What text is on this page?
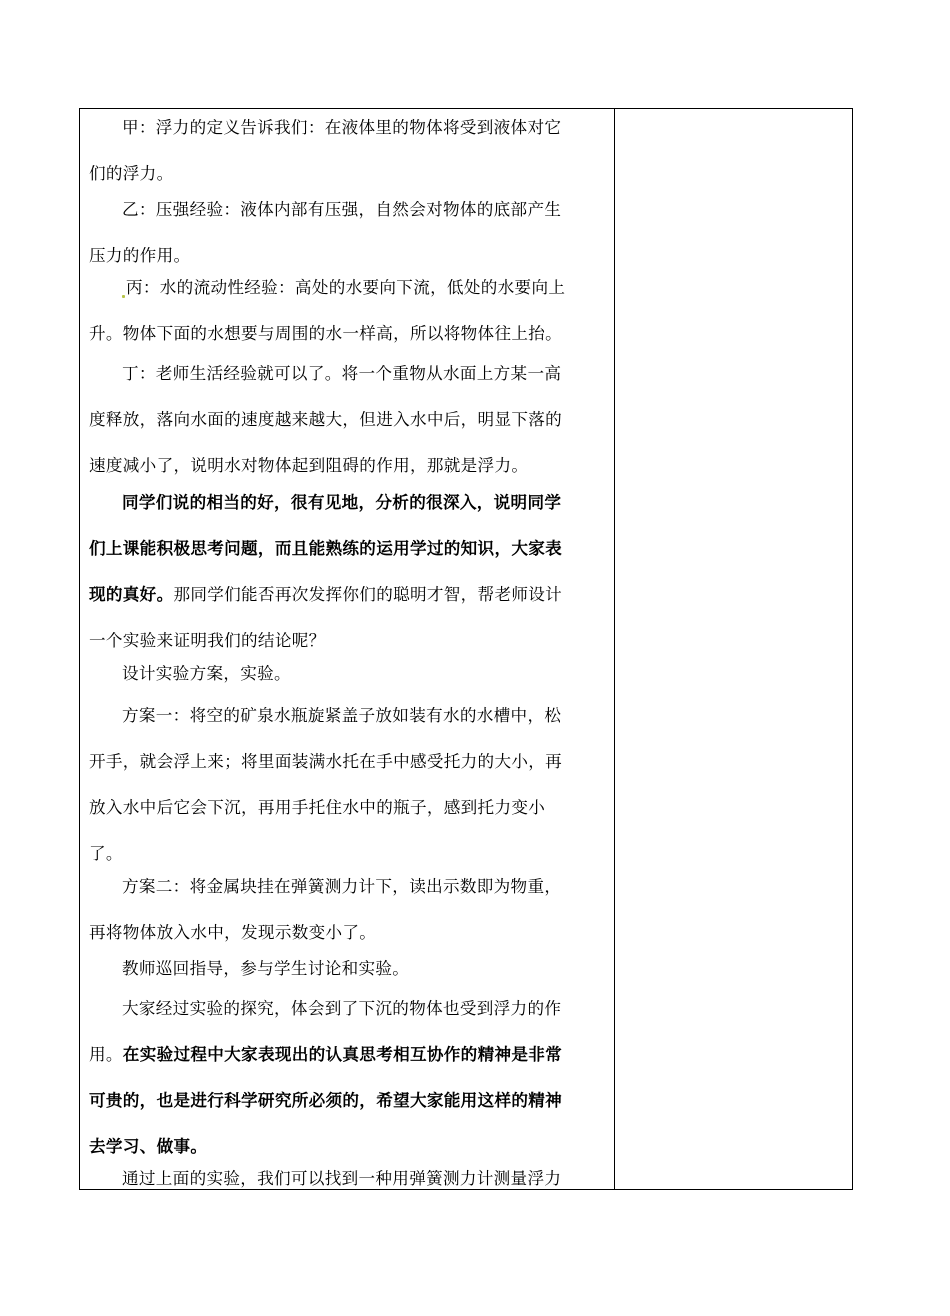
甲：浮力的定义告诉我们：在液体里的物体将受到液体对它
们的浮力。

乙：压强经验：液体内部有压强，自然会对物体的底部产生
压力的作用。

丙：水的流动性经验：高处的水要向下流，低处的水要向上
升。物体下面的水想要与周围的水一样高，所以将物体往上抬。

丁：老师生活经验就可以了。将一个重物从水面上方某一高
度释放，落向水面的速度越来越大，但进入水中后，明显下落的
速度减小了，说明水对物体起到阻碍的作用，那就是浮力。

同学们说的相当的好，很有见地，分析的很深入，说明同学
们上课能积极思考问题，而且能熟练的运用学过的知识，大家表
现的真好。那同学们能否再次发挥你们的聪明才智，帮老师设计
一个实验来证明我们的结论呢？

设计实验方案，实验。

方案一：将空的矿泉水瓶旋紧盖子放如装有水的水槽中，松
开手，就会浮上来；将里面装满水托在手中感受托力的大小，再
放入水中后它会下沉，再用手托住水中的瓶子，感到托力变小
了。

方案二：将金属块挂在弹簧测力计下，读出示数即为物重，
再将物体放入水中，发现示数变小了。

教师巡回指导，参与学生讨论和实验。

大家经过实验的探究，体会到了下沉的物体也受到浮力的作
用。在实验过程中大家表现出的认真思考相互协作的精神是非常
可贵的，也是进行科学研究所必须的，希望大家能用这样的精神
去学习、做事。

通过上面的实验，我们可以找到一种用弹簧测力计测量浮力
